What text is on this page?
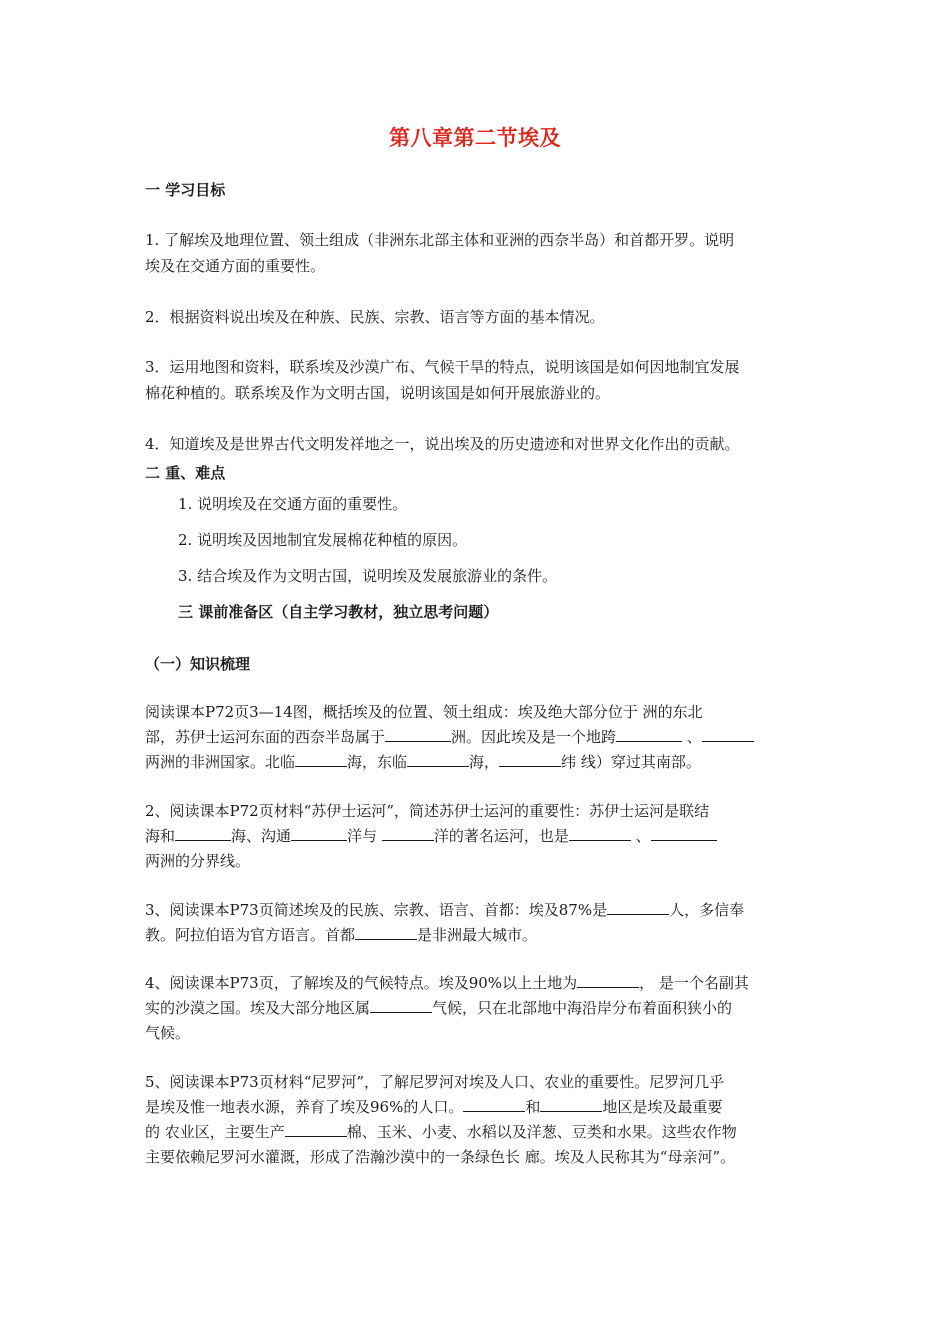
第八章第二节埃及
一 学习目标
1. 了解埃及地理位置、领土组成（非洲东北部主体和亚洲的西奈半岛）和首都开罗。说明
埃及在交通方面的重要性。
2．根据资料说出埃及在种族、民族、宗教、语言等方面的基本情况。
3．运用地图和资料，联系埃及沙漠广布、气候干旱的特点，说明该国是如何因地制宜发展
棉花种植的。联系埃及作为文明古国，说明该国是如何开展旅游业的。
4．知道埃及是世界古代文明发祥地之一，说出埃及的历史遗迹和对世界文化作出的贡献。
二 重、难点
1. 说明埃及在交通方面的重要性。
2. 说明埃及因地制宜发展棉花种植的原因。
3. 结合埃及作为文明古国，说明埃及发展旅游业的条件。
三 课前准备区（自主学习教材，独立思考问题）
（一）知识梳理
阅读课本P72页3—14图，概括埃及的位置、领土组成：埃及绝大部分位于 洲的东北
部，苏伊士运河东面的西奈半岛属于	洲。因此埃及是一个地跨	、
两洲的非洲国家。北临	海，东临	海，	纬 线）穿过其南部。
2、阅读课本P72页材料“苏伊士运河”，简述苏伊士运河的重要性：苏伊士运河是联结
海和	海、沟通	洋与	洋的著名运河，也是	、
两洲的分界线。
3、阅读课本P73页简述埃及的民族、宗教、语言、首都：埃及87%是	人，多信奉
教。阿拉伯语为官方语言。首都	是非洲最大城市。
4、阅读课本P73页，了解埃及的气候特点。埃及90%以上土地为	， 是一个名副其
实的沙漠之国。埃及大部分地区属	气候，只在北部地中海沿岸分布着面积狭小的
气候。
5、阅读课本P73页材料“尼罗河”，了解尼罗河对埃及人口、农业的重要性。尼罗河几乎
是埃及惟一地表水源，养育了埃及96%的人口。	和	地区是埃及最重要
的 农业区，主要生产	棉、玉米、小麦、水稻以及洋葱、豆类和水果。这些农作物
主要依赖尼罗河水灌溉，形成了浩瀚沙漠中的一条绿色长 廊。埃及人民称其为“母亲河”。
